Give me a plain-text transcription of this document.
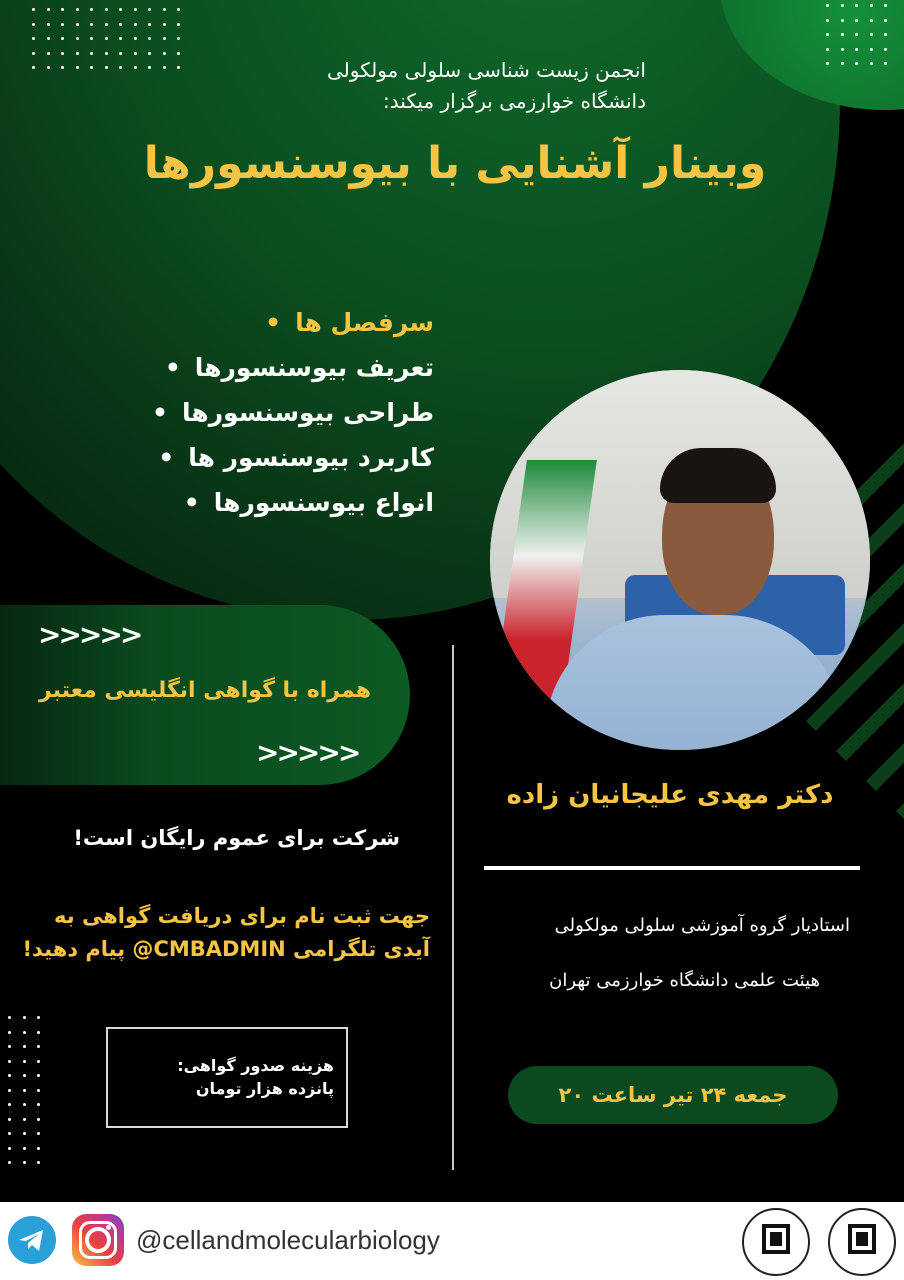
انجمن زیست شناسی سلولی مولکولی
دانشگاه خوارزمی برگزار میکند:
وبینار آشنایی با بیوسنسورها
سرفصل ها •
تعریف بیوسنسورها •
طراحی بیوسنسورها •
کاربرد بیوسنسور ها •
انواع بیوسنسورها •
>>>>>
همراه با گواهی انگلیسی معتبر
>>>>>
دکتر مهدی علیجانیان زاده
استادیار گروه آموزشی سلولی مولکولی
هیئت علمی دانشگاه خوارزمی تهران
جمعه ۲۴ تیر ساعت ۲۰
شرکت برای عموم رایگان است!
جهت ثبت نام برای دریافت گواهی به آیدی تلگرامی CMBADMIN@ پیام دهید!
هزینه صدور گواهی:
پانزده هزار تومان
@cellandmolecularbiology
